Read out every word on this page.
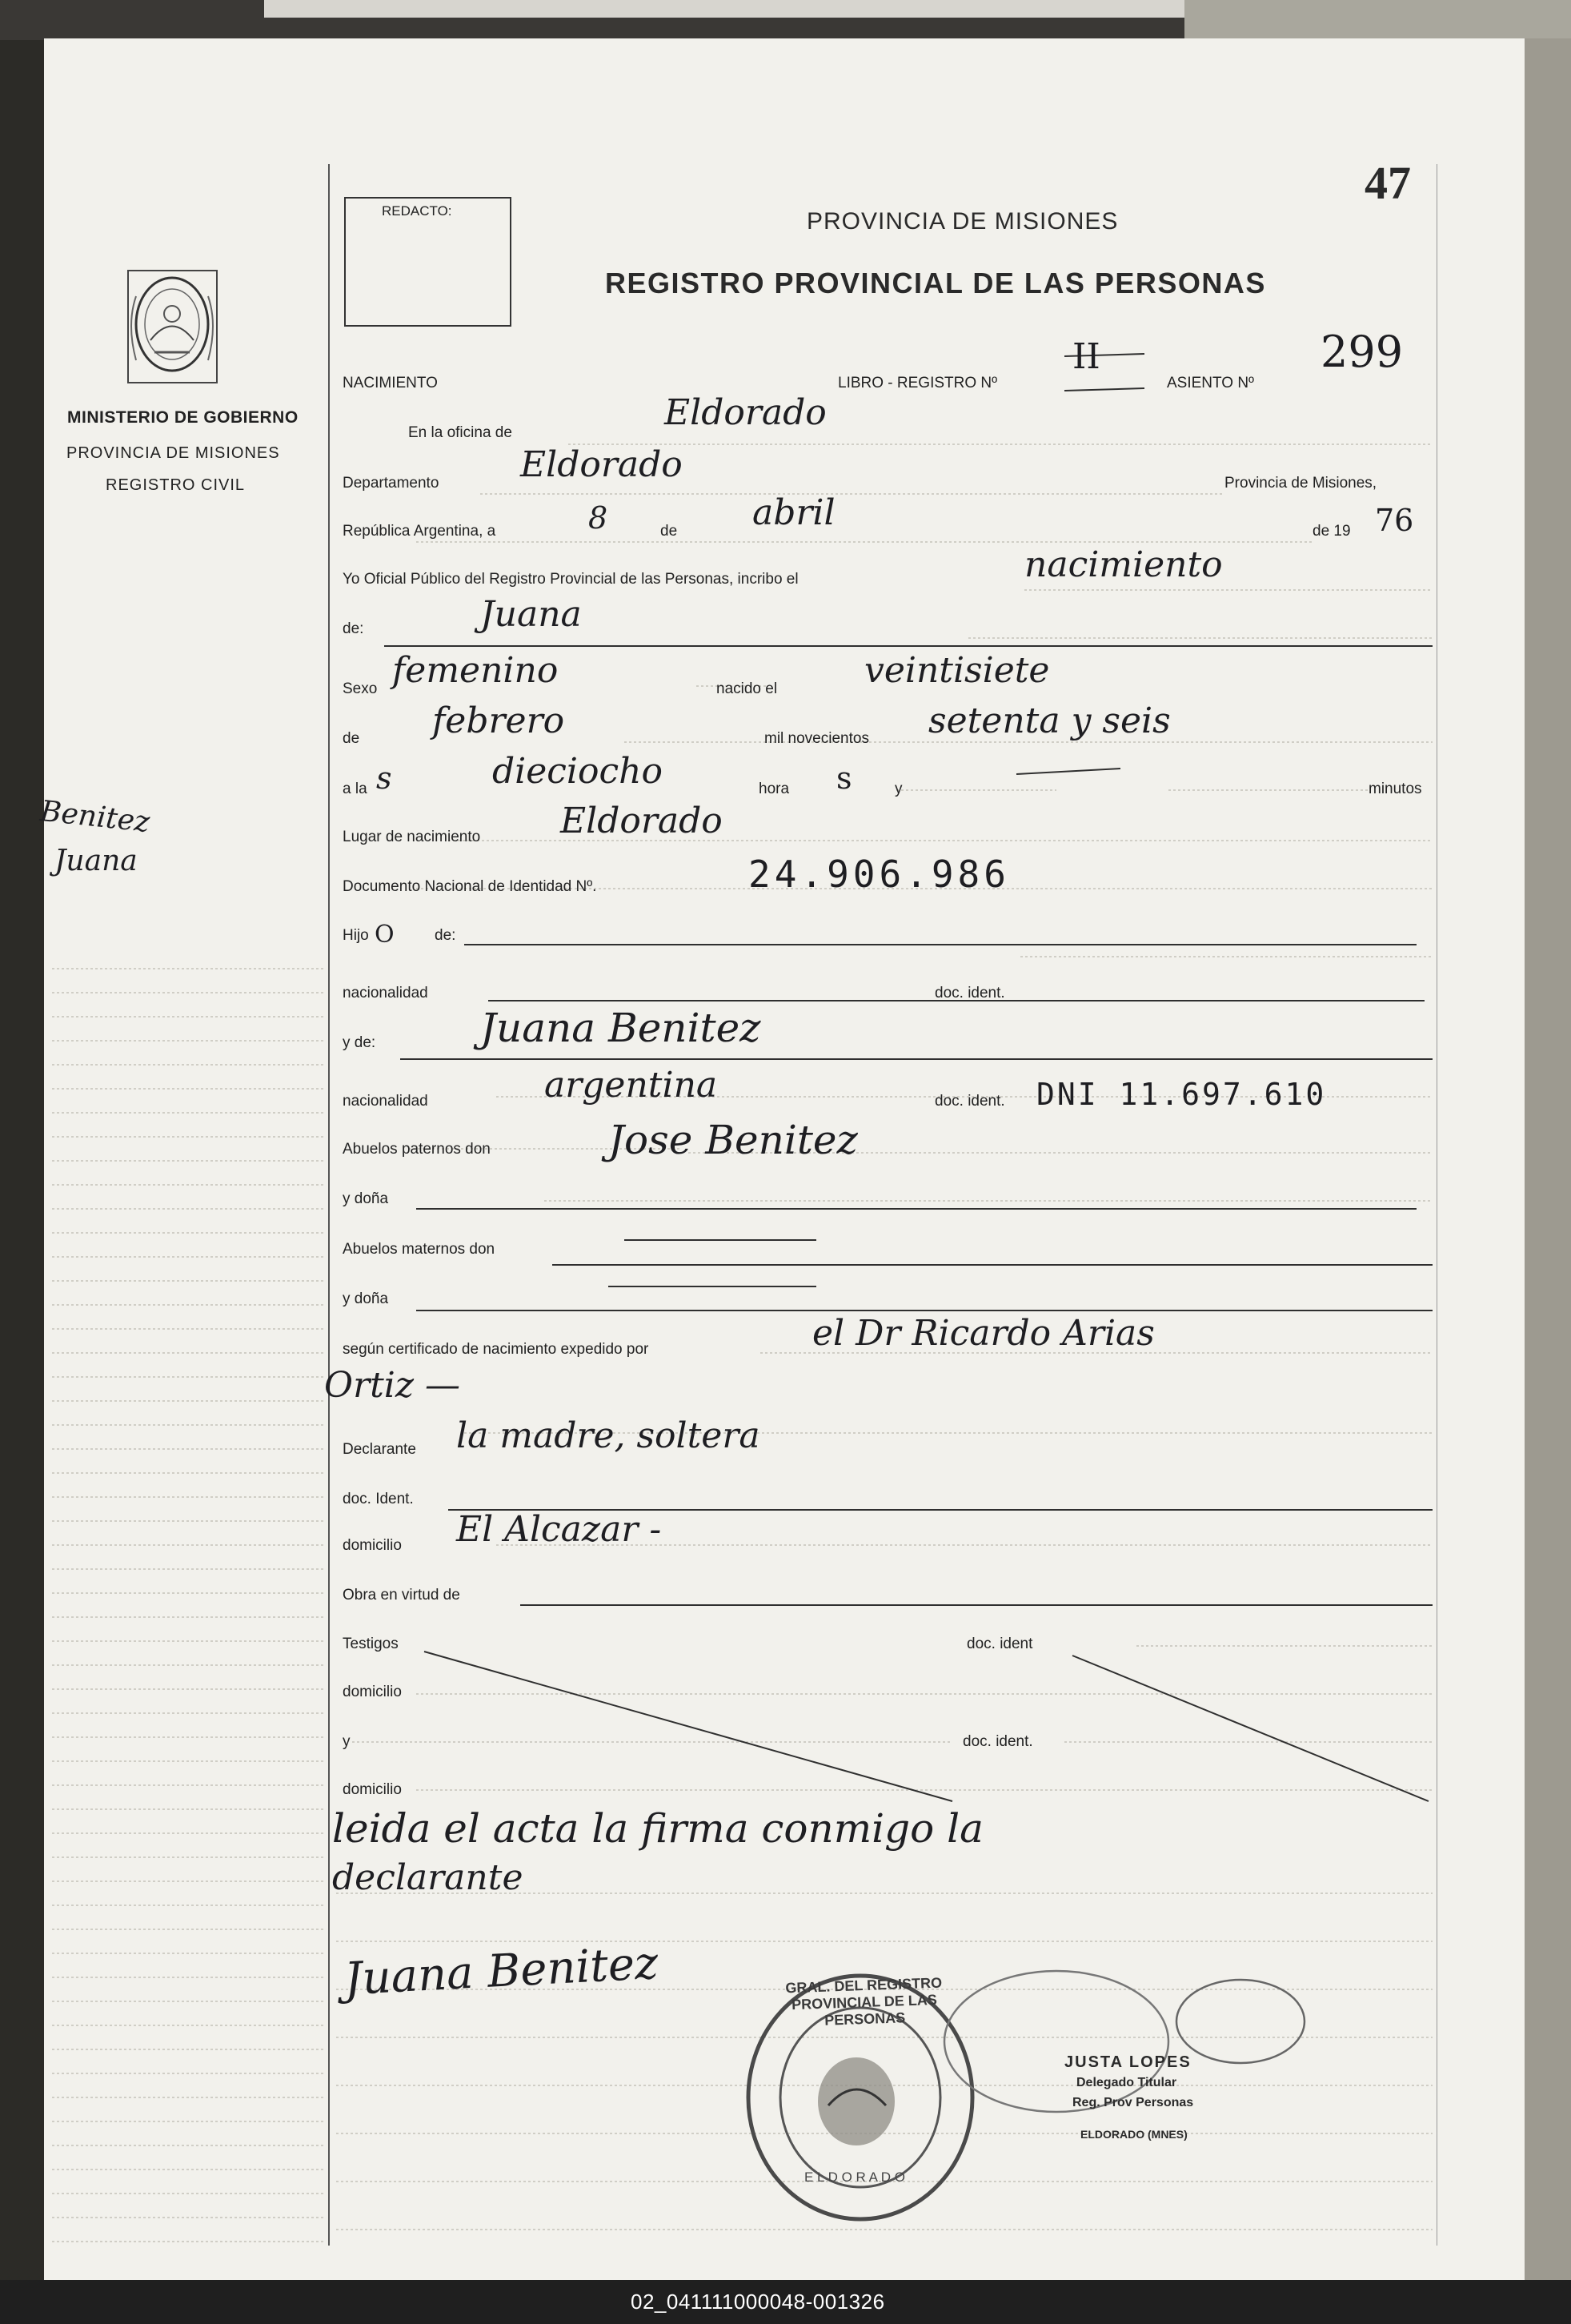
47
REDACTO:	PROVINCIA DE MISIONES
REGISTRO PROVINCIAL DE LAS PERSONAS
MINISTERIO DE GOBIERNO
PROVINCIA DE MISIONES
REGISTRO CIVIL
Benitez
Juana
NACIMIENTO	LIBRO - REGISTRO Nº
II
ASIENTO Nº
299
En la oficina de	Eldorado
Departamento Eldorado	Provincia de Misiones,
República Argentina, a	8	de abril	de 19 76
Yo Oficial Público del Registro Provincial de las Personas, incribo el	nacimiento
de:	Juana
Sexo femenino	nacido el veintisiete
de febrero	mil novecientos setenta y seis
a la s	dieciocho	hora s	y	minutos
Lugar de nacimiento Eldorado
Documento Nacional de Identidad Nº.	24.906.986
Hijo O	de:
nacionalidad	doc. ident.
y de:	Juana Benitez
nacionalidad	argentina	doc. ident. DNI 11.697.610
Abuelos paternos don	Jose Benitez
y doña
Abuelos maternos don
y doña
según certificado de nacimiento expedido por	el Dr Ricardo Arias
Ortiz —
Declarante la madre, soltera
doc. Ident.
domicilio El Alcazar -
Obra en virtud de
Testigos	doc. ident
domicilio
y	doc. ident.
domicilio
leida el acta la firma conmigo la
declarante
Juana Benitez	GRAL. DEL REGISTRO PROVINCIAL DE LAS PERSONAS
E L D O R A D O
JUSTA LOPES
Delegado Titular
Reg. Prov Personas
ELDORADO (MNES)
02_041111000048-001326
